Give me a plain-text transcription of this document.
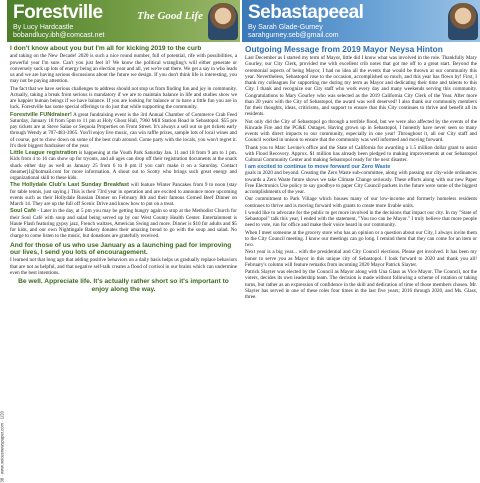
38 · www.voicesnewspaper.com · 1/20
Forestville	The Good Life
By Lucy Hardcastle
bobandlucy.ibh@comcast.net
I don't know about you but I'm all for kicking 2019 to the curb

and taking on the New Decade! 2020 is such a nice round number, full of potential, rife with possibilities, a powerful year I'm sure. Can't you just feel it? We know the political wrangling's will either generate or conversely suck up lots of energy being an election year and all, yet we're out there. We get a say in who leads us and we are having serious discussions about the future we design. If you don't think life is interesting, you may not be paying attention.

The fact that we have serious challenges to address should not stop us from finding fun and joy in community. Actually, taking a break from serious is mandatory if we are to maintain balance in life and studies show we are happier human beings if we have balance. If you are looking for balance or to have a little fun you are in luck. Forestville has some special offerings to do just that while supporting the community.

Forestville FUNdraiser! A great fundraising event is the 3rd Annual Chamber of Commerce Crab Feed Saturday, January 18 from 5pm to 11 pm at Holy Ghost Hall, 7960 Mill Station Road in Sebastopol. $55 pre pay tickets are at Steve Salao or Sequoia Properties on Front Street. It's always a sell out so get tickets early through Wendy at 707-483-3965. You'll enjoy live music, can win raffle prizes, sample lots of local wines and of course, get to chow down on some of the best crab around. Come party with the locals, you won't regret it. It's their biggest fundraiser of the year.

Little League registration is happening at the Youth Park Saturday Jan. 11 and 18 from 9 am to 1 pm. Kids from 4 to 16 can show up for tryouts, and all ages can drop off their registration documents at the snack shack either day as well as January 25 from 6 to 8 pm if you can't make it on a Saturday. Contact dreamerj1@hotmail.com for more information. A shout out to Scotty who brings such great energy and organizational skill to these kids.

The Hollydale Club's Last Sunday Breakfast will feature Winter Pancakes from 9 to noon (stay for table tennis, just saying.) This is their 73rd year in operation and are excited to announce more upcoming events such as their Hollydale Russian Dinner on February 8th and their famous Corned Beef Dinner on March 14. They are up the full off Scenic Drive and know how to put on a treat.

Soul Café - Later in the day, at 5 pm you may be getting hungry again so stop at the Methodist Church for their Soul Café with soup and salad being served up by our West County Health Center. Entertainment is Haute Flash featuring gypsy jazz, French waltzes, American Swing and more. Dinner is $10 for adults and $5 for kids, and our own Nightingale Bakery donates their amazing bread to go with the soup and salad. No charge to come listen to the music, but donations are gratefully received.

And for those of us who use January as a launching pad for improving our lives, I send you lots of encouragement.

I learned not that long ago that adding positive behaviors on a daily basis helps us gradually replace behaviors that are not as helpful, and that negative self-talk creates a flood of cortisol in our brains which can undermine even the best intentions.

Be well. Appreciate life. It's actually rather short so it's important to enjoy along the way.
Sebastapeeal
By Sarah Glade-Gurney
sarahgurney.seb@gmail.com
Outgoing Message from 2019 Mayor Neysa Hinton

Last December as I started my term of Mayor, little did I know what was involved in the role. Thankfully Mary Gourley, our City Clerk, provided me with excellent crib notes that got me off to a great start. Beyond the ceremonial aspects of being Mayor, I had no idea all the events that would be thrown at our community this year. Nevertheless, Sebastopol rose to the occasion, accomplished so much, and this year has flown by! First, I thank my colleagues for supporting me during my term as Mayor and dedicating their time and talents to this City. I thank and recognize our City staff who work every day and many weekends serving this community. Congratulations to Mary Gourley who was selected as the 2019 California City Clerk of the Year. After more than 20 years with the City of Sebastopol, the award was well deserved! I also thank our community members for their thoughts, ideas, criticisms, and support to ensure that this City continues to thrive and benefit all its residents.

Not only did the City of Sebastopol go through a terrible flood, but we were also affected by the events of the Kincade Fire and the PG&E Outages. Having grown up in Sebastopol, I honestly have never seen so many events with direct impacts to our community, especially in one year! Throughout it, all our City staff and Council worked in unison to ensure that the community was well informed and moving forward.

Thank you to Marc Levine's office and the State of California for awarding a 1.5 million dollar grant to assist with Flood Recovery. Approx. $1 million has already been pledged to making improvements at our Sebastopol Cultural Community Center and making Sebastopol ready for the next disaster.

I am excited to continue to move forward our Zero Waste

goals in 2020 and beyond. Creating the Zero Waste sub-committee, along with passing our city-wide ordinances towards a Zero Waste future shows we take Climate Change seriously. These efforts along with our new Paper Free Electronics Use policy to say goodbye to paper City Council packets in the future were some of the biggest accomplishments of the year.

Our commitment to Park Village which houses many of our low-income and formerly homeless residents continues to thrive and is moving forward with grants to create more livable units.

I would like to advocate for the public to get more involved in the decisions that impact our city. In my "State of Sebastopol" talk this year, I ended with the statement, "You too can be Mayor." I truly believe that more people need to vote, run for office and make their voice heard in our community.

When I meet someone at the grocery store who has an opinion or a question about our City, I always invite them to the City Council meeting. I know our meetings can go long. I remind them that they can come for an item or two.

Next year is a big year... with the presidential and City Council elections. Please get involved. It has been my honor to serve you as Mayor in this unique city of Sebastopol. I look forward to 2020 and thank you all! February's column will feature remarks from incoming 2020 Mayor Patrick Slayter.

Patrick Slayter was elected by the Council as Mayor along with Una Glass as Vice Mayor. The Council, not the voters, decides its own leadership team. The decision is made without following a scheme of rotation or taking turns, but rather as an expression of confidence in the skill and dedication of time of those members chosen. Mr. Slayter has served in one of these roles four times in the last five years; 2016 through 2020, and Ms. Glass, three.
